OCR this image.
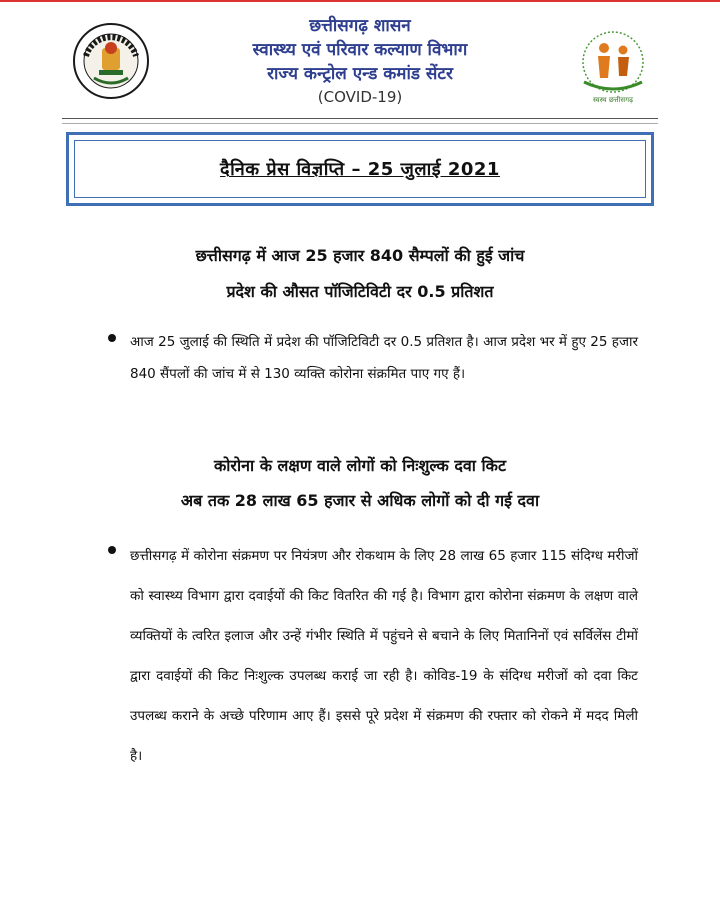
स्वस्थ छत्तीसगढ़
छत्तीसगढ़ शासन
स्वास्थ्य एवं परिवार कल्याण विभाग
राज्य कन्ट्रोल एन्ड कमांड सेंटर
(COVID-19)
दैनिक प्रेस विज्ञप्ति – 25 जुलाई 2021
छत्तीसगढ़ में आज 25 हजार 840 सैम्पलों की हुई जांच
प्रदेश की औसत पॉजिटिविटी दर 0.5 प्रतिशत
आज 25 जुलाई की स्थिति में प्रदेश की पॉजिटिविटी दर 0.5 प्रतिशत है। आज प्रदेश भर में हुए 25 हजार 840 सैंपलों की जांच में से 130 व्यक्ति कोरोना संक्रमित पाए गए हैं।
कोरोना के लक्षण वाले लोगों को निःशुल्क दवा किट
अब तक 28 लाख 65 हजार से अधिक लोगों को दी गई दवा
छत्तीसगढ़ में कोरोना संक्रमण पर नियंत्रण और रोकथाम के लिए 28 लाख 65 हजार 115 संदिग्ध मरीजों को स्वास्थ्य विभाग द्वारा दवाईयों की किट वितरित की गई है। विभाग द्वारा कोरोना संक्रमण के लक्षण वाले व्यक्तियों के त्वरित इलाज और उन्हें गंभीर स्थिति में पहुंचने से बचाने के लिए मितानिनों एवं सर्विलेंस टीमों द्वारा दवाईयों की किट निःशुल्क उपलब्ध कराई जा रही है। कोविड-19 के संदिग्ध मरीजों को दवा किट उपलब्ध कराने के अच्छे परिणाम आए हैं। इससे पूरे प्रदेश में संक्रमण की रफ्तार को रोकने में मदद मिली है।
